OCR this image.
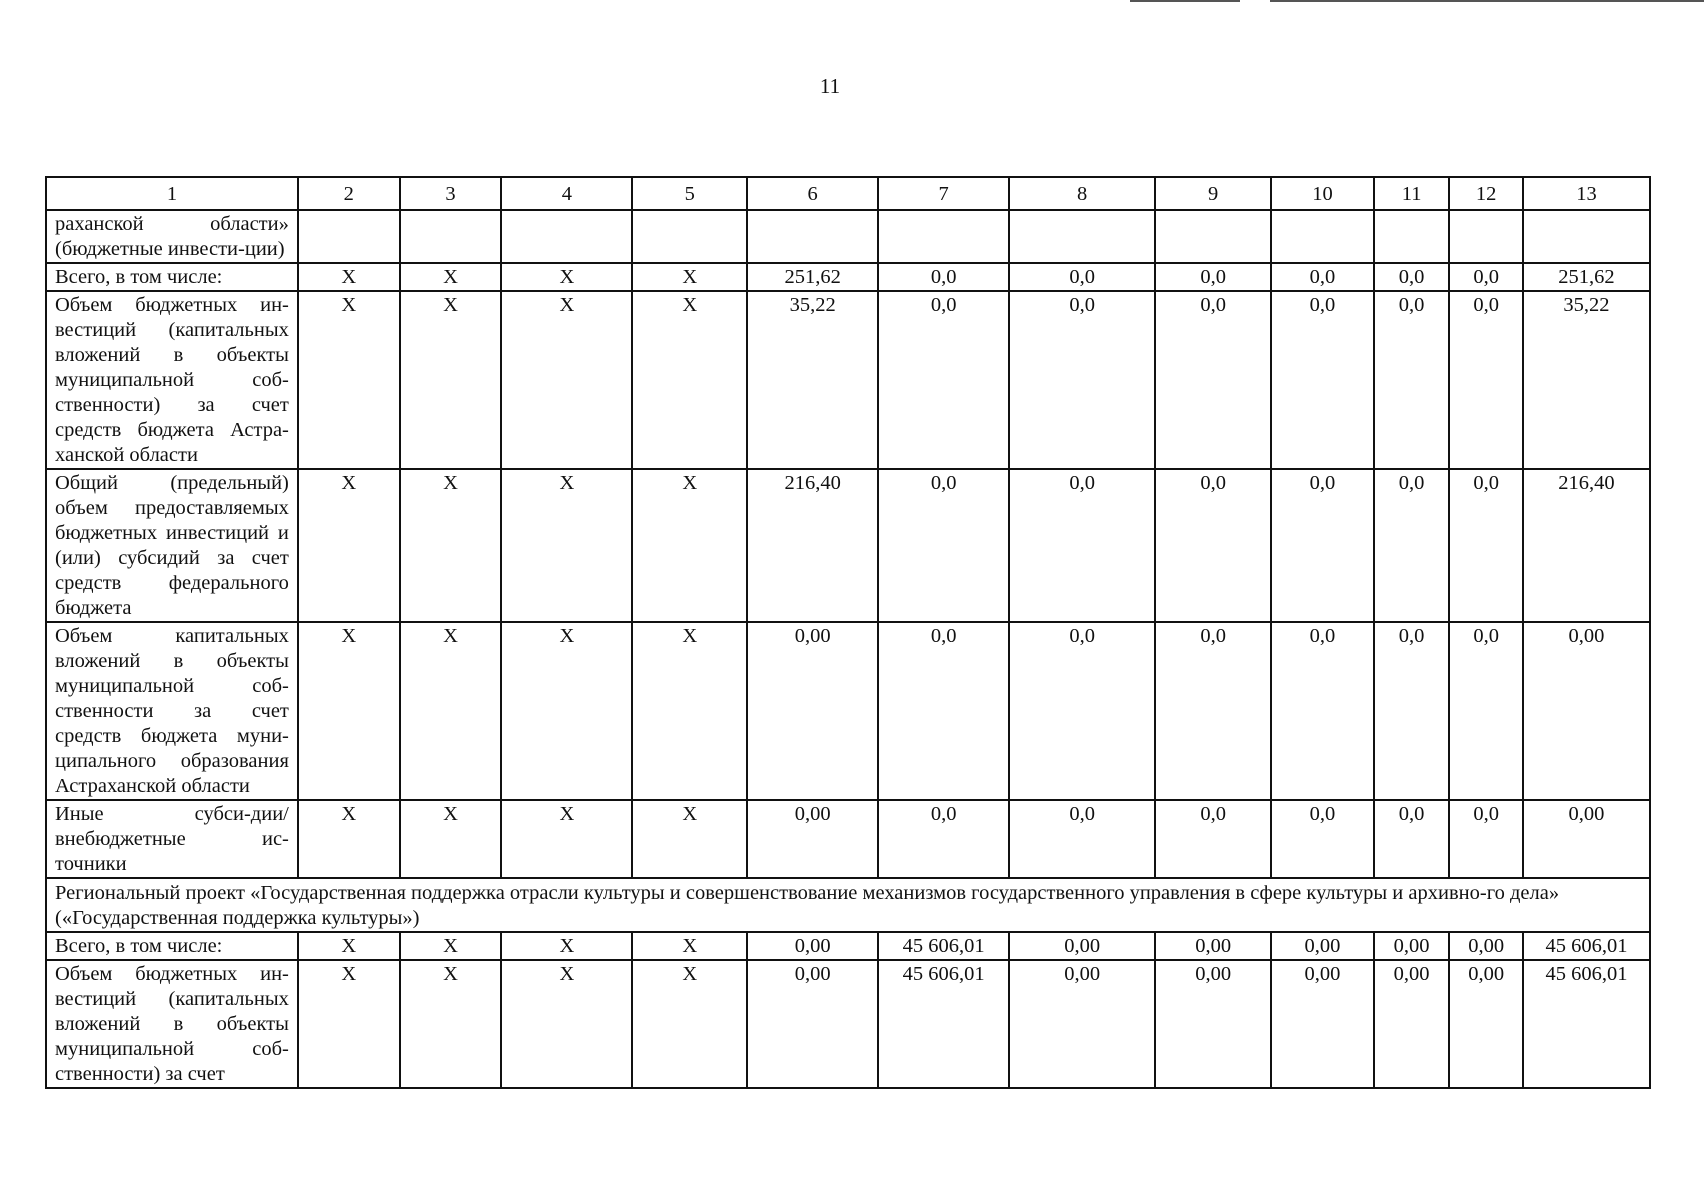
11
1	2	3	4	5	6	7	8	9	10	11	12	13
раханской области» (бюджетные инвести-ции)												
Всего, в том числе:	Х	Х	Х	Х	251,62	0,0	0,0	0,0	0,0	0,0	0,0	251,62
Объем бюджетных ин-вестиций (капитальных вложений в объекты муниципальной соб-ственности) за счет средств бюджета Астра-ханской области	Х	Х	Х	Х	35,22	0,0	0,0	0,0	0,0	0,0	0,0	35,22
Общий (предельный) объем предоставляемых бюджетных инвестиций и (или) субсидий за счет средств федерального бюджета	Х	Х	Х	Х	216,40	0,0	0,0	0,0	0,0	0,0	0,0	216,40
Объем капитальных вложений в объекты муниципальной соб-ственности за счет средств бюджета муни-ципального образования Астраханской области	Х	Х	Х	Х	0,00	0,0	0,0	0,0	0,0	0,0	0,0	0,00
Иные субси-дии/внебюджетные ис-точники	Х	Х	Х	Х	0,00	0,0	0,0	0,0	0,0	0,0	0,0	0,00
Региональный проект «Государственная поддержка отрасли культуры и совершенствование механизмов государственного управления в сфере культуры и архивно-го дела» («Государственная поддержка культуры»)												
Всего, в том числе:	Х	Х	Х	Х	0,00	45 606,01	0,00	0,00	0,00	0,00	0,00	45 606,01
Объем бюджетных ин-вестиций (капитальных вложений в объекты муниципальной соб-ственности) за счет	Х	Х	Х	Х	0,00	45 606,01	0,00	0,00	0,00	0,00	0,00	45 606,01
